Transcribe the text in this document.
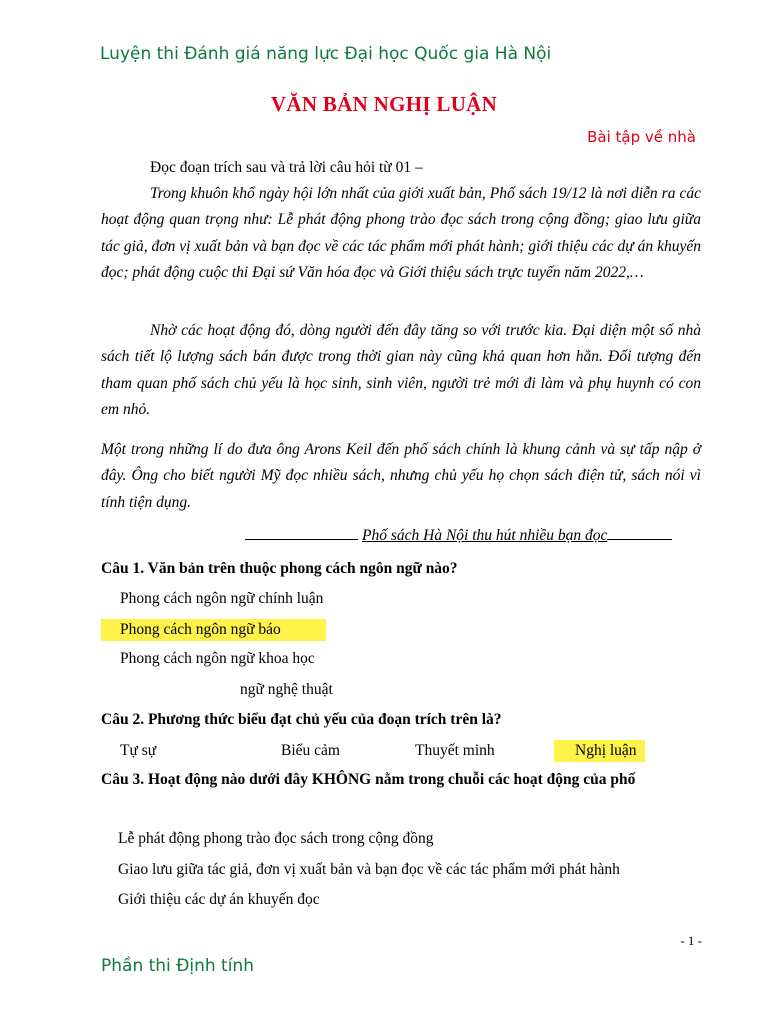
Luyện thi Đánh giá năng lực Đại học Quốc gia Hà Nội
VĂN BẢN NGHỊ LUẬN
Bài tập về nhà
Đọc đoạn trích sau và trả lời câu hỏi từ 01 –
Trong khuôn khổ ngày hội lớn nhất của giới xuất bản, Phố sách 19/12 là nơi diễn ra các hoạt động quan trọng như: Lễ phát động phong trào đọc sách trong cộng đồng; giao lưu giữa tác giả, đơn vị xuất bản và bạn đọc về các tác phẩm mới phát hành; giới thiệu các dự án khuyến đọc; phát động cuộc thi Đại sứ Văn hóa đọc và Giới thiệu sách trực tuyến năm 2022,…
Nhờ các hoạt động đó, dòng người đến đây tăng so với trước kia. Đại diện một số nhà sách tiết lộ lượng sách bán được trong thời gian này cũng khả quan hơn hẳn. Đối tượng đến tham quan phố sách chủ yếu là học sinh, sinh viên, người trẻ mới đi làm và phụ huynh có con em nhỏ.
Một trong những lí do đưa ông Arons Keil đến phố sách chính là khung cảnh và sự tấp nập ở đây. Ông cho biết người Mỹ đọc nhiều sách, nhưng chủ yếu họ chọn sách điện tử, sách nói vì tính tiện dụng.
Phố sách Hà Nội thu hút nhiều bạn đọc
Câu 1. Văn bản trên thuộc phong cách ngôn ngữ nào?
Phong cách ngôn ngữ chính luận
Phong cách ngôn ngữ báo
Phong cách ngôn ngữ khoa học
ngữ nghệ thuật
Câu 2. Phương thức biểu đạt chủ yếu của đoạn trích trên là?
Tự sự	Biểu cảm	Thuyết minh	Nghị luận
Câu 3. Hoạt động nào dưới đây KHÔNG nằm trong chuỗi các hoạt động của phố
Lễ phát động phong trào đọc sách trong cộng đồng
Giao lưu giữa tác giả, đơn vị xuất bản và bạn đọc về các tác phẩm mới phát hành
Giới thiệu các dự án khuyến đọc
- 1 -
Phần thi Định tính
